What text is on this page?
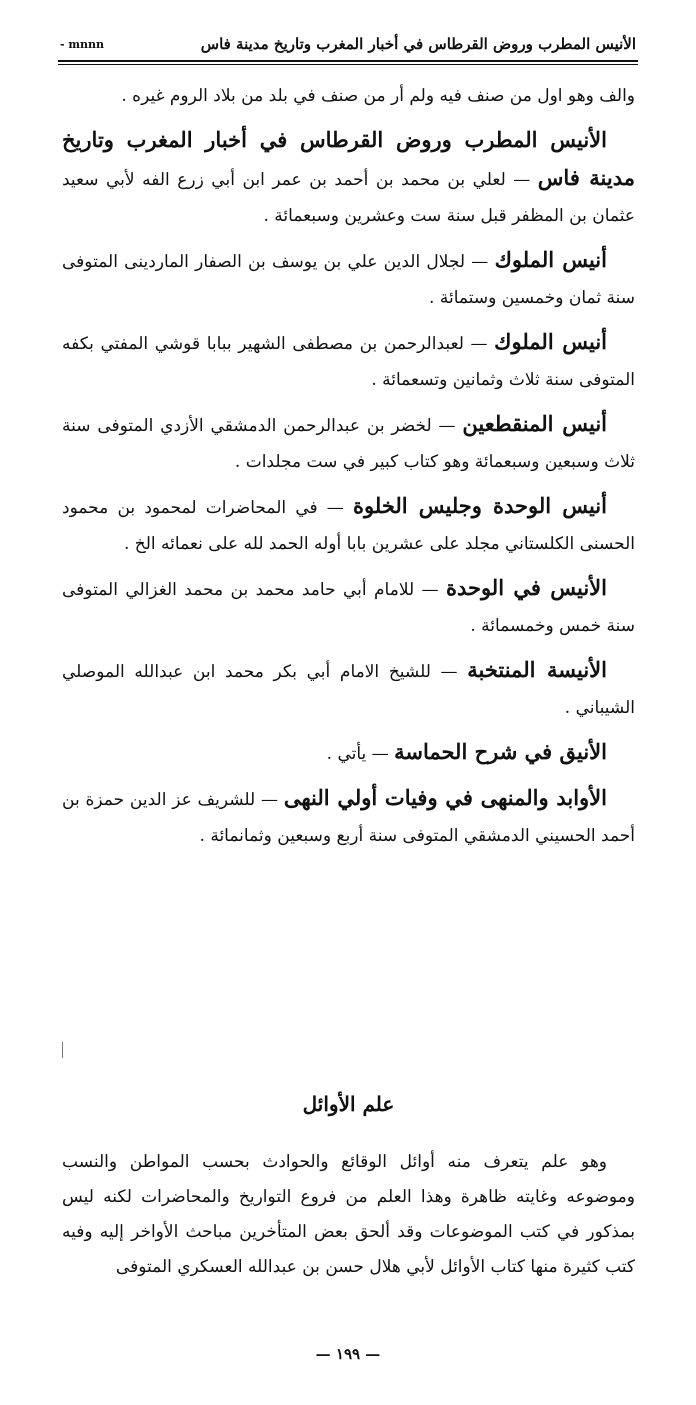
الأنيس المطرب وروض القرطاس في أخبار المغرب وتاريخ مدينة فاس
- mnnn

والف وهو اول من صنف فيه ولم أر من صنف في بلد من بلاد الروم غيره .

الأنيس المطرب وروض القرطاس في أخبار المغرب وتاريخ مدينة فاس — لعلي بن محمد بن أحمد بن عمر ابن أبي زرع الفه لأبي سعيد عثمان بن المظفر قبل سنة ست وعشرين وسبعمائة .

أنيس الملوك — لجلال الدين علي بن يوسف بن الصفار الماردينى المتوفى سنة ثمان وخمسين وستمائة .

أنيس الملوك — لعبدالرحمن بن مصطفى الشهير ببابا قوشي المفتي بكفه المتوفى سنة ثلاث وثمانين وتسعمائة .

أنيس المنقطعين — لخضر بن عبدالرحمن الدمشقي الأزدي المتوفى سنة ثلاث وسبعين وسبعمائة وهو كتاب كبير في ست مجلدات .

أنيس الوحدة وجليس الخلوة — في المحاضرات لمحمود بن محمود الحسنى الكلستاني مجلد على عشرين بابا أوله الحمد لله على نعمائه الخ .

الأنيس في الوحدة — للامام أبي حامد محمد بن محمد الغزالي المتوفى سنة خمس وخمسمائة .

الأنيسة المنتخبة — للشيخ الامام أبي بكر محمد ابن عبدالله الموصلي الشيباني .

الأنيق في شرح الحماسة — يأتي .

الأوابد والمنهى في وفيات أولي النهى — للشريف عز الدين حمزة بن أحمد الحسيني الدمشقي المتوفى سنة أربع وسبعين وثمانمائة .

علم الأوائل

وهو علم يتعرف منه أوائل الوقائع والحوادث بحسب المواطن والنسب وموضوعه وغايته ظاهرة وهذا العلم من فروع التواريخ والمحاضرات لكنه ليس بمذكور في كتب الموضوعات وقد ألحق بعض المتأخرين مباحث الأواخر إليه وفيه كتب كثيرة منها كتاب الأوائل لأبي هلال حسن بن عبدالله العسكري المتوفى

— ١٩٩ —
